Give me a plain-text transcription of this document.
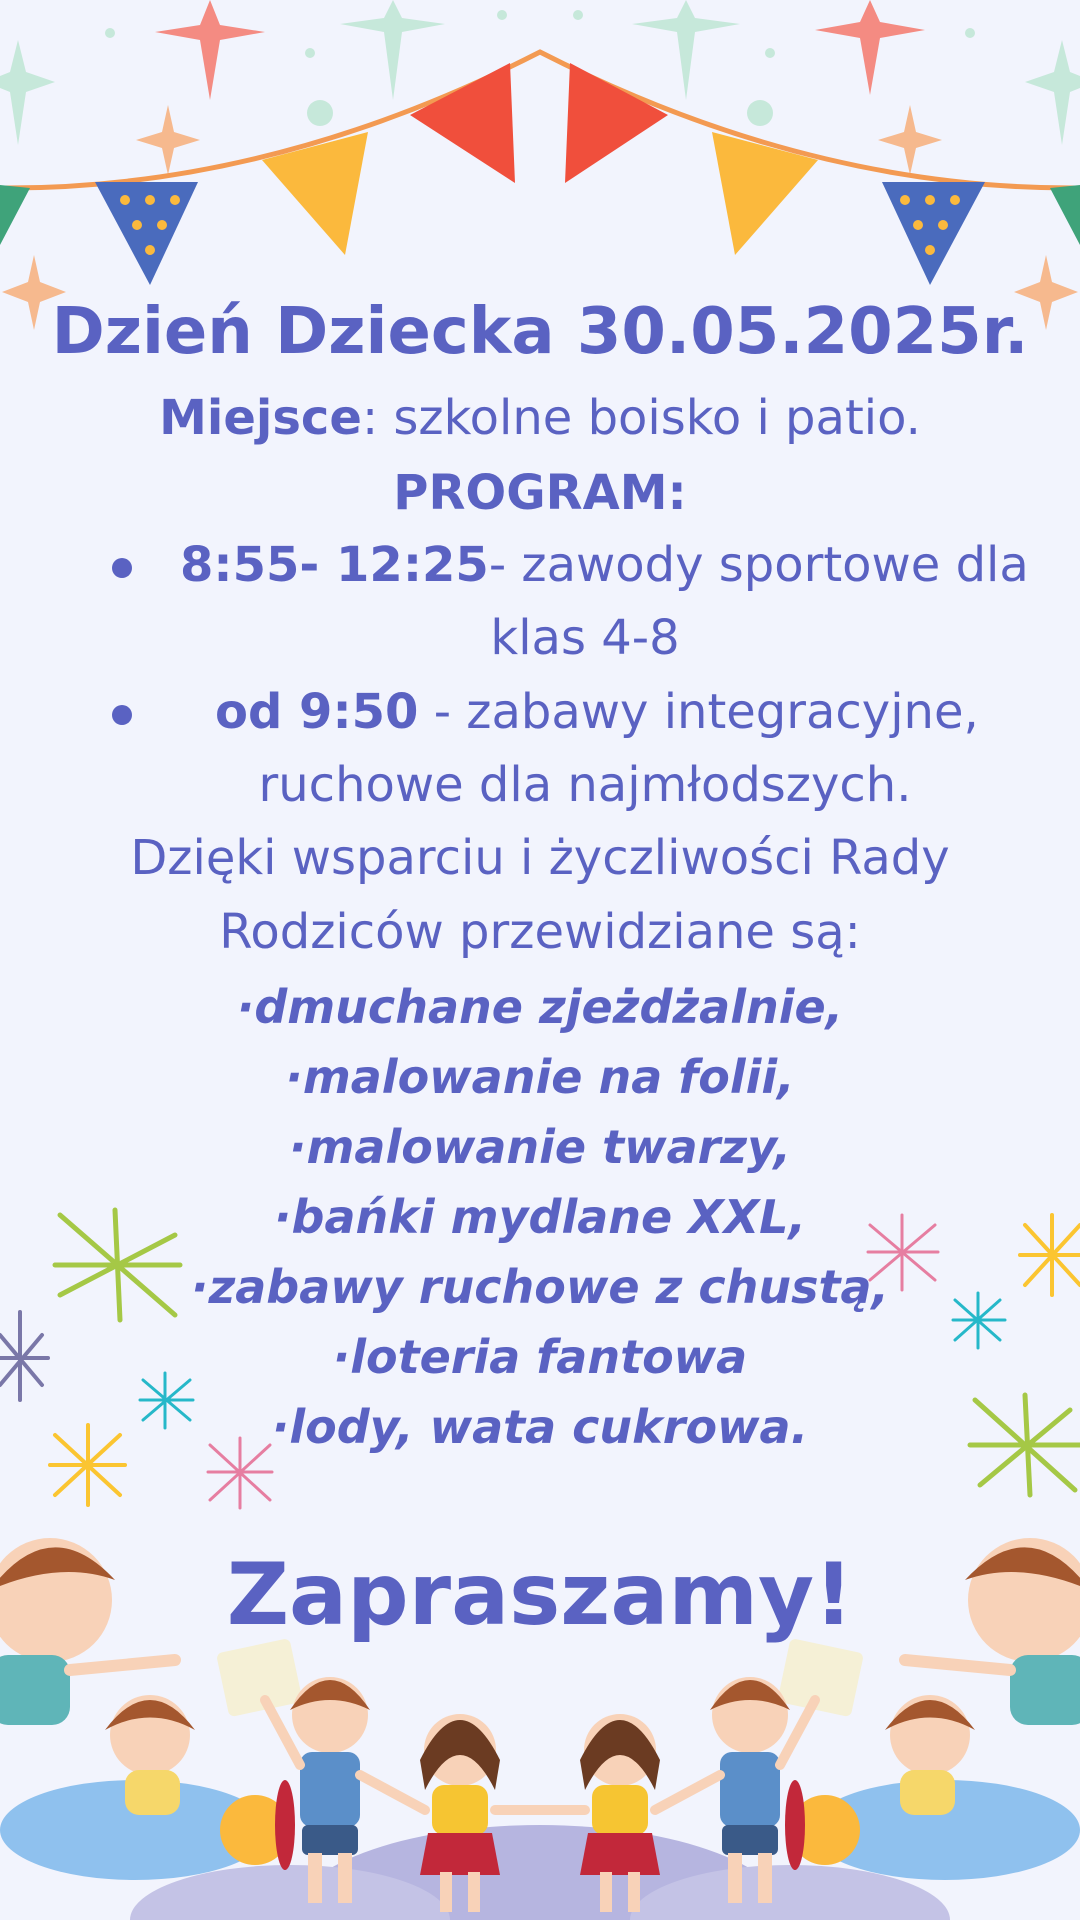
Dzień Dziecka 30.05.2025r.
Miejsce: szkolne boisko i patio.
PROGRAM:
8:55- 12:25- zawody sportowe dla
klas 4-8
od 9:50 - zabawy integracyjne,
ruchowe dla najmłodszych.
Dzięki wsparciu i życzliwości Rady
Rodziców przewidziane są:
·dmuchane zjeżdżalnie,
·malowanie na folii,
·malowanie twarzy,
·bańki mydlane XXL,
·zabawy ruchowe z chustą,
·loteria fantowa
·lody, wata cukrowa.
Zapraszamy!
